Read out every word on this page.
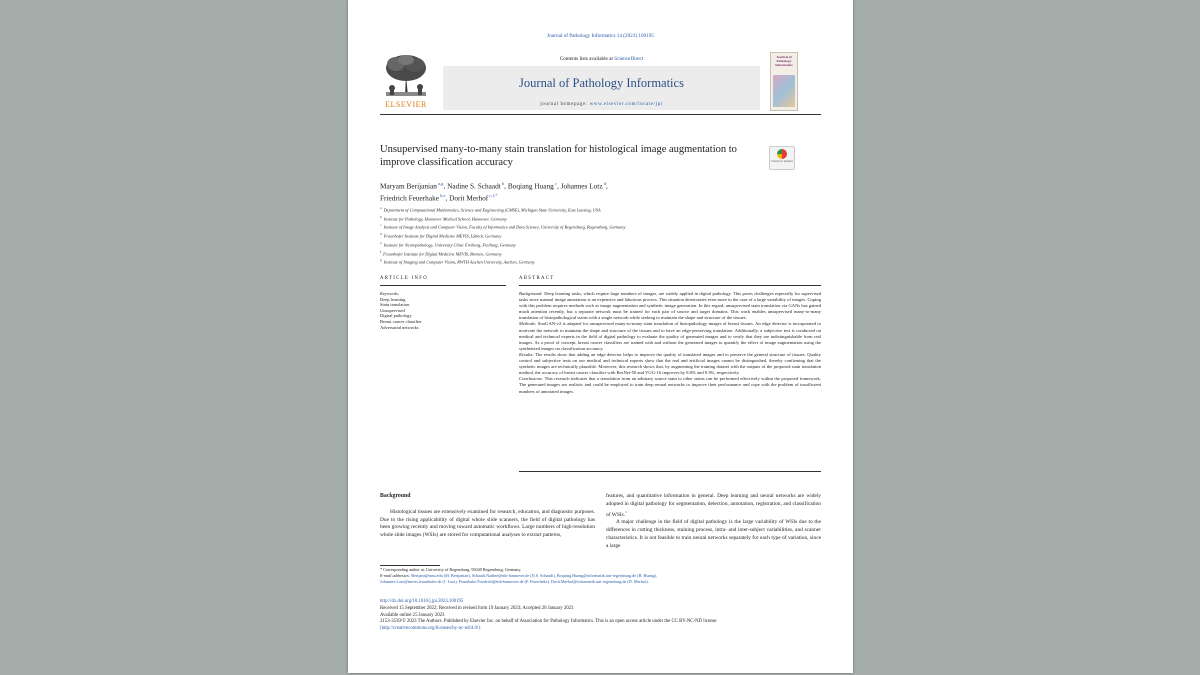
Journal of Pathology Informatics 14 (2023) 100195
ELSEVIER
Contents lists available at ScienceDirect
Journal of Pathology Informatics
journal homepage: www.elsevier.com/locate/jpi
Journal of Pathology Informatics
Unsupervised many-to-many stain translation for histological image augmentation to improve classification accuracy	Check for updates
Maryam Berijanian $^{a,g}$, Nadine S. Schaadt $^b$, Boqiang Huang $^c$, Johannes Lotz $^d$,
Friedrich Feuerhake $^{b,e}$, Dorit Merhof $^{c,f,*}$
$^a$ Department of Computational Mathematics, Science and Engineering (CMSE), Michigan State University, East Lansing, USA
$^b$ Institute for Pathology, Hannover Medical School, Hannover, Germany
$^c$ Institute of Image Analysis and Computer Vision, Faculty of Informatics and Data Science, University of Regensburg, Regensburg, Germany
$^d$ Fraunhofer Institute for Digital Medicine MEVIS, Lübeck, Germany
$^e$ Institute for Neuropathology, University Clinic Freiburg, Freiburg, Germany
$^f$ Fraunhofer Institute for Digital Medicine MEVIS, Bremen, Germany
$^g$ Institute of Imaging and Computer Vision, RWTH Aachen University, Aachen, Germany
ARTICLE INFO	ABSTRACT
Keywords:
Deep learning
Stain translation
Unsupervised
Digital pathology
Breast cancer classifier
Adversarial networks

Background: Deep learning tasks, which require large numbers of images, are widely applied in digital pathology. This poses challenges especially for supervised tasks since manual image annotation is an expensive and laborious process. This situation deteriorates even more in the case of a large variability of images. Coping with this problem requires methods such as image augmentation and synthetic image generation. In this regard, unsupervised stain translation via GANs has gained much attention recently, but a separate network must be trained for each pair of source and target domains. This work enables unsupervised many-to-many translation of histopathological stains with a single network while seeking to maintain the shape and structure of the tissues.

Methods: StarGAN-v2 is adapted for unsupervised many-to-many stain translation of histopathology images of breast tissues. An edge detector is incorporated to motivate the network to maintain the shape and structure of the tissues and to have an edge-preserving translation. Additionally, a subjective test is conducted on medical and technical experts in the field of digital pathology to evaluate the quality of generated images and to verify that they are indistinguishable from real images. As a proof of concept, breast cancer classifiers are trained with and without the generated images to quantify the effect of image augmentation using the synthetized images on classification accuracy.

Results: The results show that adding an edge detector helps to improve the quality of translated images and to preserve the general structure of tissues. Quality control and subjective tests on our medical and technical experts show that the real and artificial images cannot be distinguished, thereby confirming that the synthetic images are technically plausible. Moreover, this research shows that, by augmenting the training dataset with the outputs of the proposed stain translation method, the accuracy of breast cancer classifier with ResNet-50 and VGG-16 improves by 8.0% and 9.3%, respectively.

Conclusions: This research indicates that a translation from an arbitrary source stain to other stains can be performed effectively within the proposed framework. The generated images are realistic and could be employed to train deep neural networks to improve their performance and cope with the problem of insufficient numbers of annotated images.

Background

Histological tissues are extensively examined for research, education, and diagnostic purposes. Due to the rising applicability of digital whole slide scanners, the field of digital pathology has been growing recently and moving toward automatic workflows. Large numbers of high-resolution whole slide images (WSIs) are stored for computational analyses to extract patterns,

features, and quantitative information in general. Deep learning and neural networks are widely adopted in digital pathology for segmentation, detection, annotation, registration, and classification of WSIs.$^1$

A major challenge in the field of digital pathology is the large variability of WSIs due to the differences in cutting thickness, staining process, intra- and inter-subject variabilities, and scanner characteristics. It is not feasible to train neural networks separately for each type of variation, since a large

* Corresponding author at: University of Regensburg, 93040 Regensburg, Germany.
E-mail addresses: Berijani@msu.edu (M. Berijanian), Schaadt.Nadine@mh-hannover.de (N.S. Schaadt), Boqiang.Huang@informatik.uni-regensburg.de (B. Huang),
Johannes.Lotz@mevis.fraunhofer.de (J. Lotz), Feuerhake.Friedrich@mh-hannover.de (F. Feuerhake), Dorit.Merhof@informatik.uni-regensburg.de (D. Merhof).
http://dx.doi.org/10.1016/j.jpi.2023.100195
Received 15 September 2022; Received in revised form 19 January 2023; Accepted 20 January 2023
Available online 25 January 2023
2153-3539/© 2023 The Authors. Published by Elsevier Inc. on behalf of Association for Pathology Informatics. This is an open access article under the CC BY-NC-ND license
(http://creativecommons.org/licenses/by-nc-nd/4.0/).
